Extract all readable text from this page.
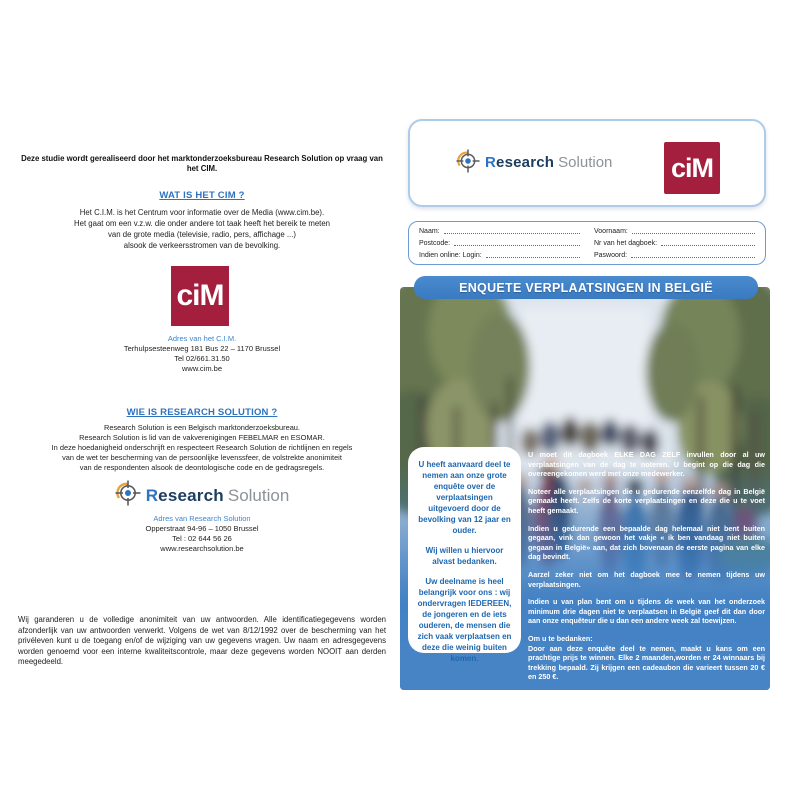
Deze studie wordt gerealiseerd door het marktonderzoeksbureau Research Solution op vraag van het CIM.
WAT IS HET CIM ?
Het C.I.M. is het Centrum voor informatie over de Media (www.cim.be).
Het gaat om een v.z.w. die onder andere tot taak heeft het bereik te meten
van de grote media (televisie, radio, pers, affichage ...)
alsook de verkeersstromen van de bevolking.
ciM
Adres van het C.I.M.
Terhulpsesteenweg 181 Bus 22 – 1170 Brussel
Tel 02/661.31.50
www.cim.be
WIE IS RESEARCH SOLUTION ?
Research Solution is een Belgisch marktonderzoeksbureau.
Research Solution is lid van de vakverenigingen FEBELMAR en ESOMAR.
In deze hoedanigheid onderschrijft en respecteert Research Solution de richtlijnen en regels
van de wet ter bescherming van de persoonlijke levenssfeer, de volstrekte anonimiteit
van de respondenten alsook de deontologische code en de gedragsregels.
Research Solution
Adres van Research Solution
Opperstraat 94-96 – 1050 Brussel
Tel : 02 644 56 26
www.researchsolution.be
Wij garanderen u de volledige anonimiteit van uw antwoorden. Alle identificatiegegevens worden afzonderlijk van uw antwoorden verwerkt. Volgens de wet van 8/12/1992 over de bescherming van het privéleven kunt u de toegang en/of de wijziging van uw gegevens vragen. Uw naam en adresgegevens worden genoemd voor een interne kwaliteitscontrole, maar deze gegevens worden NOOIT aan derden meegedeeld.
Research Solution ciM
Naam:	Voornaam:
Postcode:	Nr van het dagboek:
Indien online: Login:	Paswoord:
ENQUETE VERPLAATSINGEN IN BELGIË

U heeft aanvaard deel te nemen aan onze grote enquête over de verplaatsingen uitgevoerd door de bevolking van 12 jaar en ouder.

Wij willen u hiervoor alvast bedanken.

Uw deelname is heel belangrijk voor ons : wij ondervragen IEDEREEN, de jongeren en de iets ouderen, de mensen die zich vaak verplaatsen en deze die weinig buiten komen.

U moet dit dagboek ELKE DAG ZELF invullen door al uw verplaatsingen van de dag te noteren. U begint op die dag die overeengekomen werd met onze medewerker.

Noteer alle verplaatsingen die u gedurende eenzelfde dag in België gemaakt heeft. Zelfs de korte verplaatsingen en deze die u te voet heeft gemaakt.

Indien u gedurende een bepaalde dag helemaal niet bent buiten gegaan, vink dan gewoon het vakje « ik ben vandaag niet buiten gegaan in België» aan, dat zich bovenaan de eerste pagina van elke dag bevindt.

Aarzel zeker niet om het dagboek mee te nemen tijdens uw verplaatsingen.

Indien u van plan bent om u tijdens de week van het onderzoek minimum drie dagen niet te verplaatsen in België geef dit dan door aan onze enquêteur die u dan een andere week zal toewijzen.

Om u te bedanken:

Door aan deze enquête deel te nemen, maakt u kans om een prachtige prijs te winnen. Elke 2 maanden,worden er 24 winnaars bij trekking bepaald. Zij krijgen een cadeaubon die varieert tussen 20 € en 250 €.
